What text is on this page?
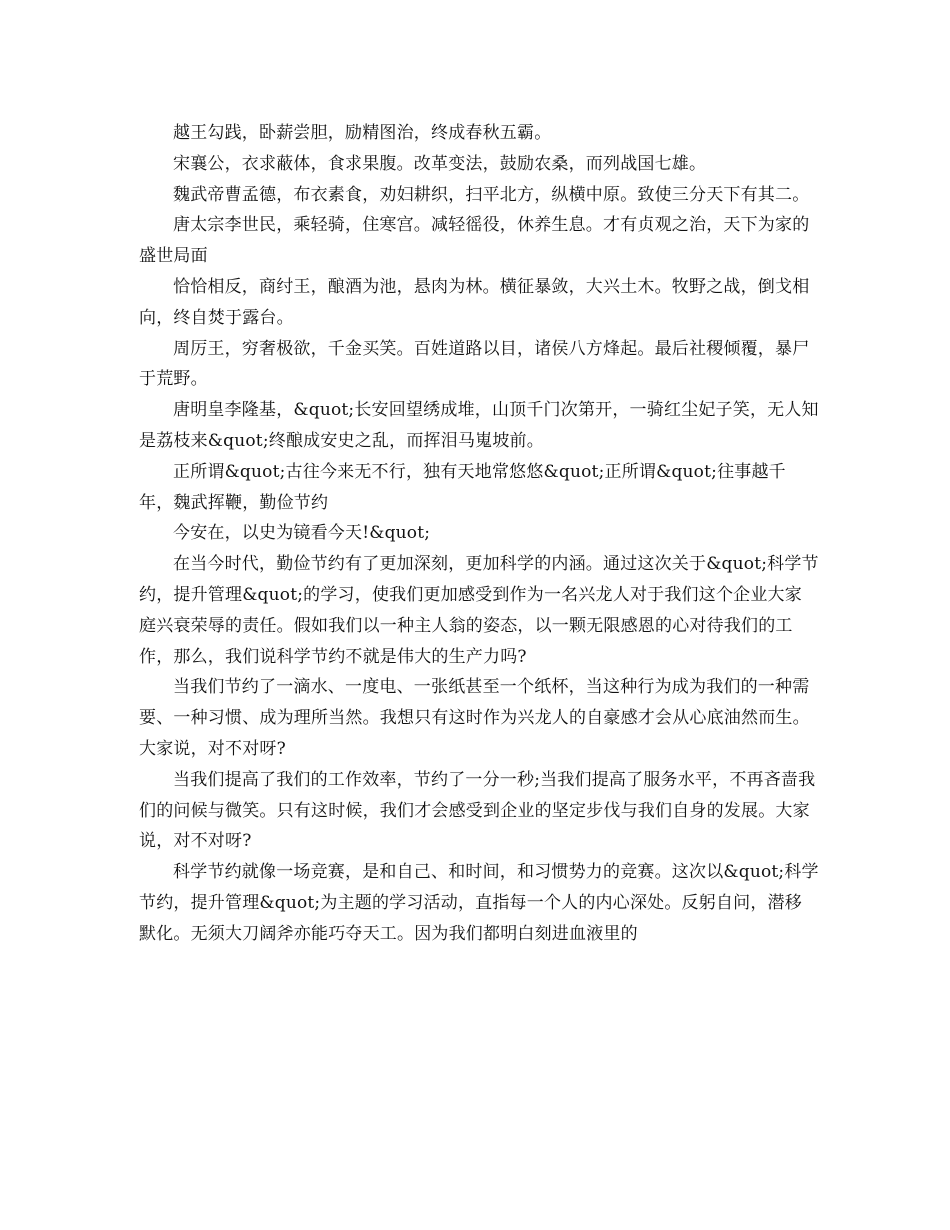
越王勾践，卧薪尝胆，励精图治，终成春秋五霸。

宋襄公，衣求蔽体，食求果腹。改革变法，鼓励农桑，而列战国七雄。

魏武帝曹孟德，布衣素食，劝妇耕织，扫平北方，纵横中原。致使三分天下有其二。

唐太宗李世民，乘轻骑，住寒宫。减轻徭役，休养生息。才有贞观之治，天下为家的盛世局面

恰恰相反，商纣王，酿酒为池，悬肉为林。横征暴敛，大兴土木。牧野之战，倒戈相向，终自焚于露台。

周厉王，穷奢极欲，千金买笑。百姓道路以目，诸侯八方烽起。最后社稷倾覆，暴尸于荒野。

唐明皇李隆基，&quot;长安回望绣成堆，山顶千门次第开，一骑红尘妃子笑，无人知是荔枝来&quot;终酿成安史之乱，而挥泪马嵬坡前。

正所谓&quot;古往今来无不行，独有天地常悠悠&quot;正所谓&quot;往事越千年，魏武挥鞭，勤俭节约

今安在，以史为镜看今天!&quot;

在当今时代，勤俭节约有了更加深刻，更加科学的内涵。通过这次关于&quot;科学节约，提升管理&quot;的学习，使我们更加感受到作为一名兴龙人对于我们这个企业大家庭兴衰荣辱的责任。假如我们以一种主人翁的姿态，以一颗无限感恩的心对待我们的工作，那么，我们说科学节约不就是伟大的生产力吗?

当我们节约了一滴水、一度电、一张纸甚至一个纸杯，当这种行为成为我们的一种需要、一种习惯、成为理所当然。我想只有这时作为兴龙人的自豪感才会从心底油然而生。大家说，对不对呀?

当我们提高了我们的工作效率，节约了一分一秒;当我们提高了服务水平，不再吝啬我们的问候与微笑。只有这时候，我们才会感受到企业的坚定步伐与我们自身的发展。大家说，对不对呀?

科学节约就像一场竞赛，是和自己、和时间，和习惯势力的竞赛。这次以&quot;科学节约，提升管理&quot;为主题的学习活动，直指每一个人的内心深处。反躬自问，潜移默化。无须大刀阔斧亦能巧夺天工。因为我们都明白刻进血液里的
